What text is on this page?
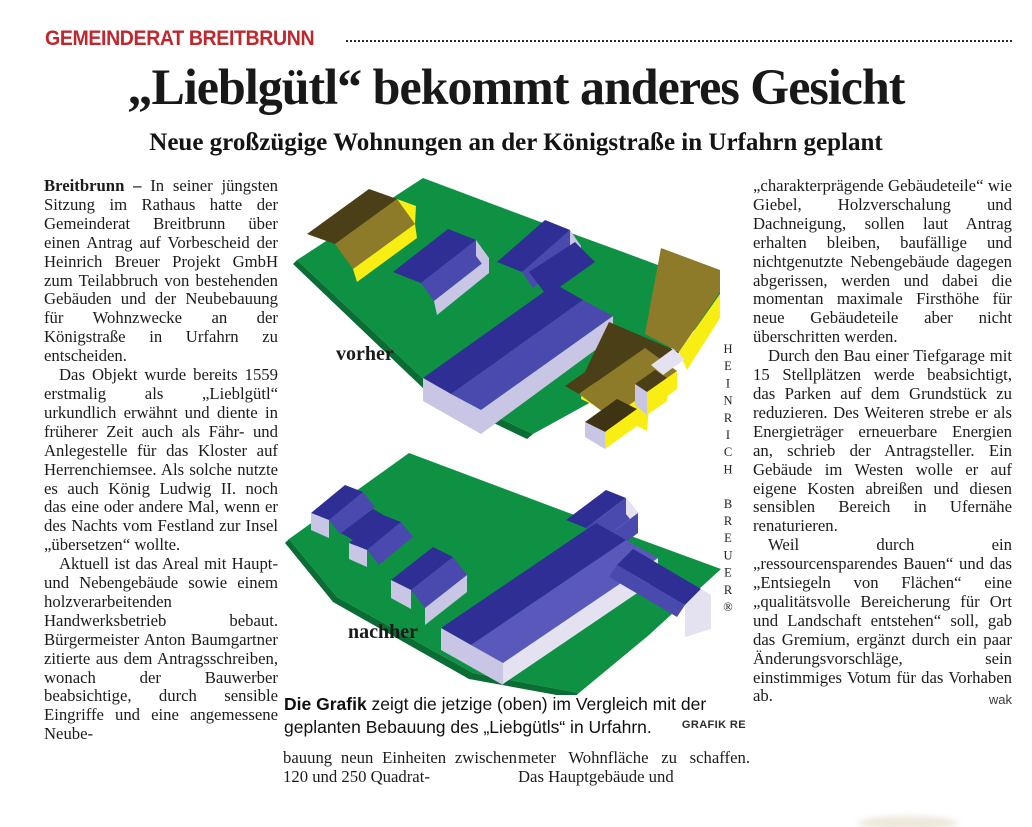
GEMEINDERAT BREITBRUNN
„Lieblgütl“ bekommt anderes Gesicht
Neue großzügige Wohnungen an der Königstraße in Urfahrn geplant

Breitbrunn – In seiner jüngsten Sitzung im Rathaus hatte der Gemeinderat Breitbrunn über einen Antrag auf Vorbescheid der Heinrich Breuer Projekt GmbH zum Teilabbruch von bestehenden Gebäuden und der Neubebauung für Wohnzwecke an der Königstraße in Urfahrn zu entscheiden.

Das Objekt wurde bereits 1559 erstmalig als „Lieblgütl“ urkundlich erwähnt und diente in früherer Zeit auch als Fähr- und Anlegestelle für das Kloster auf Herrenchiemsee. Als solche nutzte es auch König Ludwig II. noch das eine oder andere Mal, wenn er des Nachts vom Festland zur Insel „übersetzen“ wollte.

Aktuell ist das Areal mit Haupt- und Nebengebäude sowie einem holzverarbeitenden Handwerksbetrieb bebaut. Bürgermeister Anton Baumgartner zitierte aus dem Antragsschreiben, wonach der Bauwerber beabsichtige, durch sensible Eingriffe und eine angemessene Neube-

vorher

nachher

HEINRICH BREUER®
Die Grafik zeigt die jetzige (oben) im Vergleich mit der geplanten Bebauung des „Liebgütls“ in Urfahrn.	GRAFIK RE

bauung neun Einheiten zwischen 120 und 250 Quadrat-

meter Wohnfläche zu schaffen. Das Hauptgebäude und

„charakterprägende Gebäudeteile“ wie Giebel, Holzverschalung und Dachneigung, sollen laut Antrag erhalten bleiben, baufällige und nichtgenutzte Nebengebäude dagegen abgerissen, werden und dabei die momentan maximale Firsthöhe für neue Gebäudeteile aber nicht überschritten werden.

Durch den Bau einer Tiefgarage mit 15 Stellplätzen werde beabsichtigt, das Parken auf dem Grundstück zu reduzieren. Des Weiteren strebe er als Energieträger erneuerbare Energien an, schrieb der Antragsteller. Ein Gebäude im Westen wolle er auf eigene Kosten abreißen und diesen sensiblen Bereich in Ufernähe renaturieren.

Weil durch ein „ressourcensparendes Bauen“ und das „Entsiegeln von Flächen“ eine „qualitätsvolle Bereicherung für Ort und Landschaft entstehen“ soll, gab das Gremium, ergänzt durch ein paar Änderungsvorschläge, sein einstimmiges Votum für das Vorhaben ab.	wak
